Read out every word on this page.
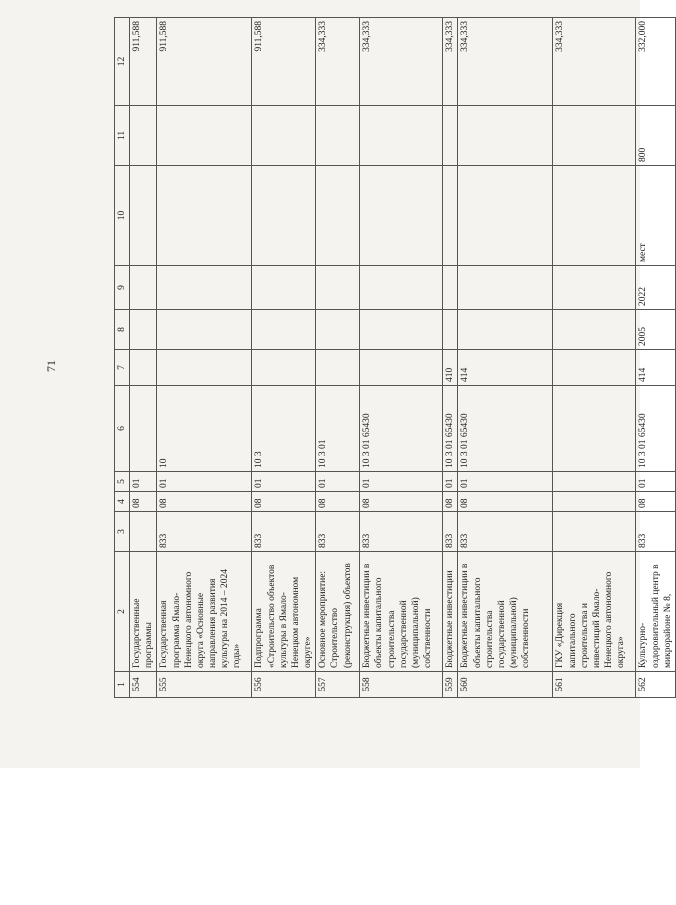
71
1	2	3	4	5	6	7	8	9	10	11	12
554	Государственные программы		08	01							911,588
555	Государственная программа Ямало-Ненецкого автономного округа «Основные направления развития культуры на 2014 – 2024 годы»	833	08	01	10						911,588
556	Подпрограмма «Строительство объектов культуры в Ямало-Ненецком автономном округе»	833	08	01	10 3						911,588
557	Основное мероприятие: Строительство (реконструкция) объектов	833	08	01	10 3 01						334,333
558	Бюджетные инвестиции в объекты капитального строительства государственной (муниципальной) собственности	833	08	01	10 3 01 65430						334,333
559	Бюджетные инвестиции	833	08	01	10 3 01 65430	410					334,333
560	Бюджетные инвестиции в объекты капитального строительства государственной (муниципальной) собственности	833	08	01	10 3 01 65430	414					334,333
561	ГКУ «Дирекция капитального строительства и инвестиций Ямало-Ненецкого автономного округа»										334,333
562	Культурно-оздоровительный центр в микрорайоне № 8,	833	08	01	10 3 01 65430	414	2005	2022	мест	800	332,000
